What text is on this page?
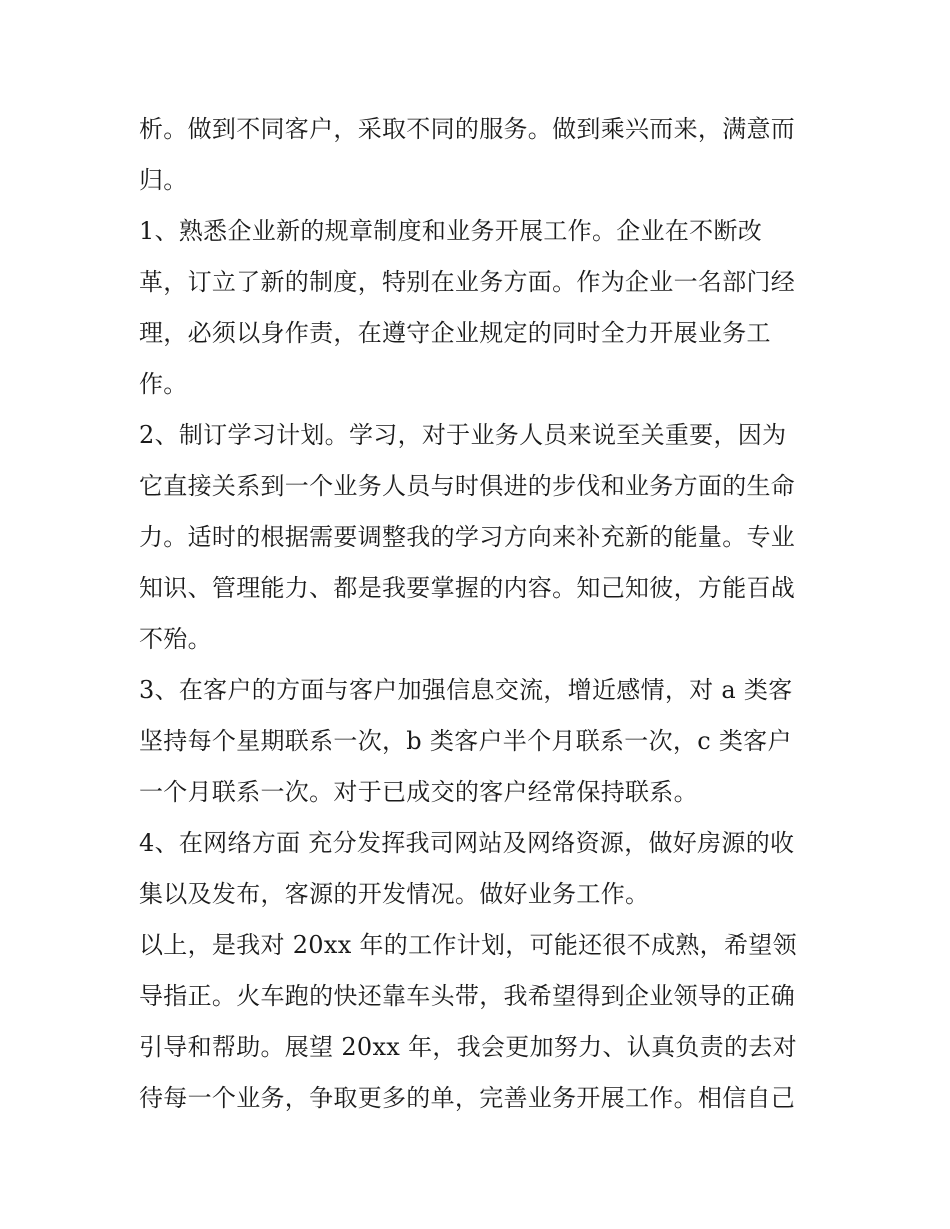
析。做到不同客户，采取不同的服务。做到乘兴而来，满意而
归。
1、熟悉企业新的规章制度和业务开展工作。企业在不断改
革，订立了新的制度，特别在业务方面。作为企业一名部门经
理，必须以身作责，在遵守企业规定的同时全力开展业务工
作。
2、制订学习计划。学习，对于业务人员来说至关重要，因为
它直接关系到一个业务人员与时俱进的步伐和业务方面的生命
力。适时的根据需要调整我的学习方向来补充新的能量。专业
知识、管理能力、都是我要掌握的内容。知己知彼，方能百战
不殆。
3、在客户的方面与客户加强信息交流，增近感情，对 a 类客
坚持每个星期联系一次，b 类客户半个月联系一次，c 类客户
一个月联系一次。对于已成交的客户经常保持联系。
4、在网络方面 充分发挥我司网站及网络资源，做好房源的收
集以及发布，客源的开发情况。做好业务工作。
以上，是我对 20xx 年的工作计划，可能还很不成熟，希望领
导指正。火车跑的快还靠车头带，我希望得到企业领导的正确
引导和帮助。展望 20xx 年，我会更加努力、认真负责的去对
待每一个业务，争取更多的单，完善业务开展工作。相信自己
